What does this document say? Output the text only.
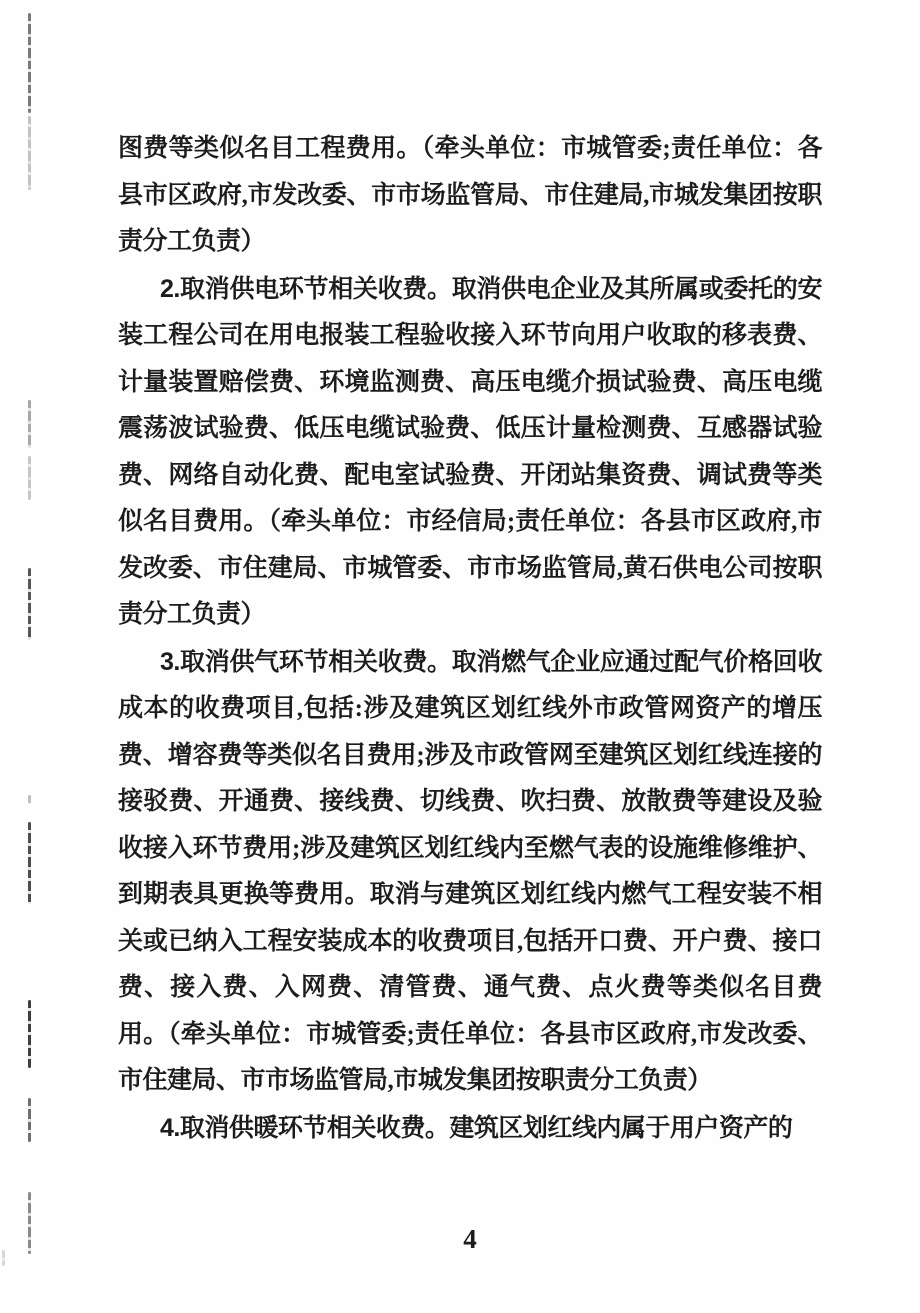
图费等类似名目工程费用。（牵头单位：市城管委;责任单位：各县市区政府,市发改委、市市场监管局、市住建局,市城发集团按职责分工负责）

2.取消供电环节相关收费。取消供电企业及其所属或委托的安装工程公司在用电报装工程验收接入环节向用户收取的移表费、计量装置赔偿费、环境监测费、高压电缆介损试验费、高压电缆震荡波试验费、低压电缆试验费、低压计量检测费、互感器试验费、网络自动化费、配电室试验费、开闭站集资费、调试费等类似名目费用。（牵头单位：市经信局;责任单位：各县市区政府,市发改委、市住建局、市城管委、市市场监管局,黄石供电公司按职责分工负责）

3.取消供气环节相关收费。取消燃气企业应通过配气价格回收成本的收费项目,包括:涉及建筑区划红线外市政管网资产的增压费、增容费等类似名目费用;涉及市政管网至建筑区划红线连接的接驳费、开通费、接线费、切线费、吹扫费、放散费等建设及验收接入环节费用;涉及建筑区划红线内至燃气表的设施维修维护、到期表具更换等费用。取消与建筑区划红线内燃气工程安装不相关或已纳入工程安装成本的收费项目,包括开口费、开户费、接口费、接入费、入网费、清管费、通气费、点火费等类似名目费用。（牵头单位：市城管委;责任单位：各县市区政府,市发改委、市住建局、市市场监管局,市城发集团按职责分工负责）

4.取消供暖环节相关收费。建筑区划红线内属于用户资产的

4
